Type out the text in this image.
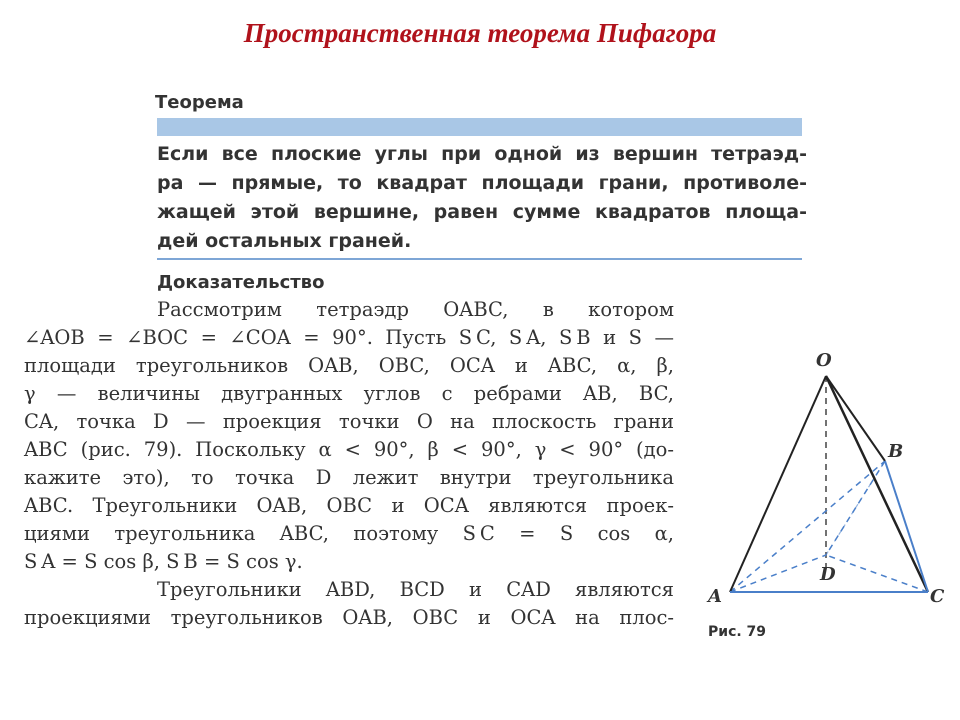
Пространственная теорема Пифагора
Теорема
Если все плоские углы при одной из вершин тетраэд-
ра — прямые, то квадрат площади грани, противоле-
жащей этой вершине, равен сумме квадратов площа-
дей остальных граней.
Доказательство
Рассмотрим тетраэдр OABC, в котором
∠AOB = ∠BOC = ∠COA = 90°. Пусть S C, S A, S B и S —
площади треугольников OAB, OBC, OCA и ABC, α, β,
γ — величины двугранных углов с ребрами AB, BC,
CA, точка D — проекция точки O на плоскость грани
ABC (рис. 79). Поскольку α < 90°, β < 90°, γ < 90° (до-
кажите это), то точка D лежит внутри треугольника
ABC. Треугольники OAB, OBC и OCA являются проек-
циями треугольника ABC, поэтому S C = S cos α,
S A = S cos β, S B = S cos γ.
Треугольники ABD, BCD и CAD являются
проекциями треугольников OAB, OBC и OCA на плос-
O
B
D
A	C
Рис. 79
